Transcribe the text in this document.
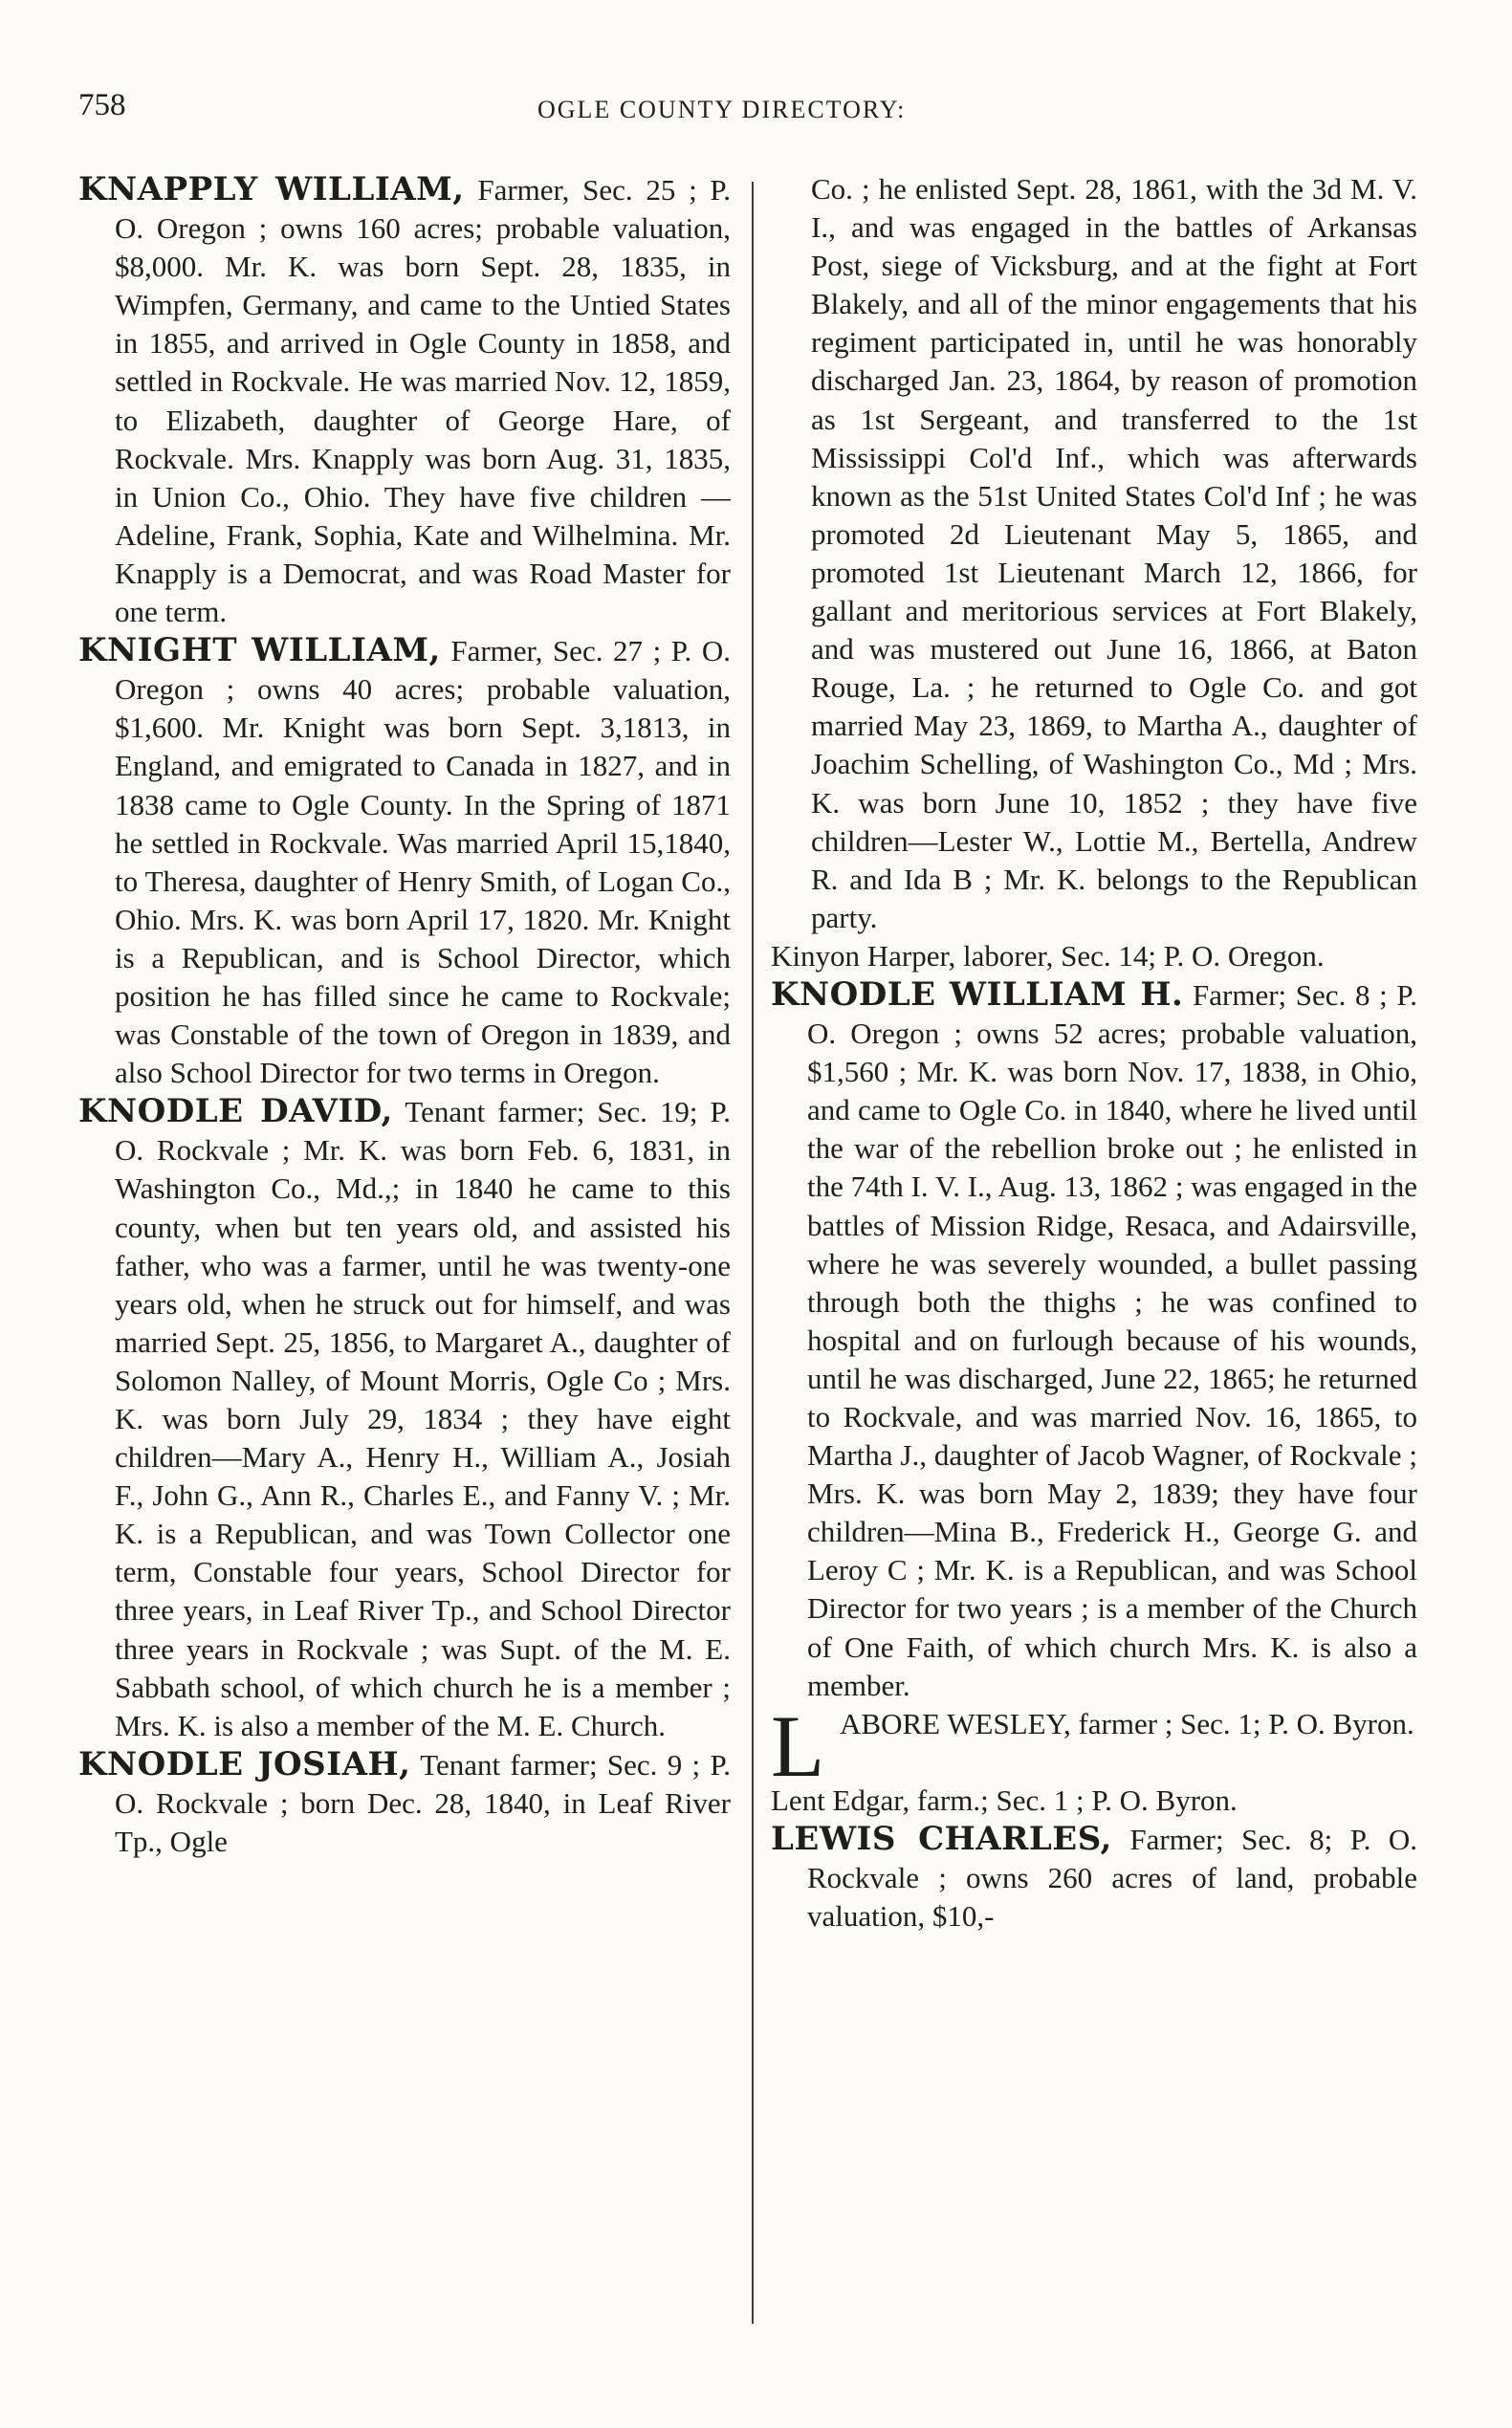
758	OGLE COUNTY DIRECTORY:

KNAPPLY WILLIAM, Farmer, Sec. 25 ; P. O. Oregon ; owns 160 acres; probable valuation, $8,000. Mr. K. was born Sept. 28, 1835, in Wimpfen, Germany, and came to the Untied States in 1855, and arrived in Ogle County in 1858, and settled in Rockvale. He was married Nov. 12, 1859, to Elizabeth, daughter of George Hare, of Rockvale. Mrs. Knapply was born Aug. 31, 1835, in Union Co., Ohio. They have five children — Adeline, Frank, Sophia, Kate and Wilhelmina. Mr. Knapply is a Democrat, and was Road Master for one term.

KNIGHT WILLIAM, Farmer, Sec. 27 ; P. O. Oregon ; owns 40 acres; probable valuation, $1,600. Mr. Knight was born Sept. 3,1813, in England, and emigrated to Canada in 1827, and in 1838 came to Ogle County. In the Spring of 1871 he settled in Rockvale. Was married April 15,1840, to Theresa, daughter of Henry Smith, of Logan Co., Ohio. Mrs. K. was born April 17, 1820. Mr. Knight is a Republican, and is School Director, which position he has filled since he came to Rockvale; was Constable of the town of Oregon in 1839, and also School Director for two terms in Oregon.

KNODLE DAVID, Tenant farmer; Sec. 19; P. O. Rockvale ; Mr. K. was born Feb. 6, 1831, in Washington Co., Md.,; in 1840 he came to this county, when but ten years old, and assisted his father, who was a farmer, until he was twenty-one years old, when he struck out for himself, and was married Sept. 25, 1856, to Margaret A., daughter of Solomon Nalley, of Mount Morris, Ogle Co ; Mrs. K. was born July 29, 1834 ; they have eight children—Mary A., Henry H., William A., Josiah F., John G., Ann R., Charles E., and Fanny V. ; Mr. K. is a Republican, and was Town Collector one term, Constable four years, School Director for three years, in Leaf River Tp., and School Director three years in Rockvale ; was Supt. of the M. E. Sabbath school, of which church he is a member ; Mrs. K. is also a member of the M. E. Church.

KNODLE JOSIAH, Tenant farmer; Sec. 9 ; P. O. Rockvale ; born Dec. 28, 1840, in Leaf River Tp., Ogle

Co. ; he enlisted Sept. 28, 1861, with the 3d M. V. I., and was engaged in the battles of Arkansas Post, siege of Vicksburg, and at the fight at Fort Blakely, and all of the minor engagements that his regiment participated in, until he was honorably discharged Jan. 23, 1864, by reason of promotion as 1st Sergeant, and transferred to the 1st Mississippi Col'd Inf., which was afterwards known as the 51st United States Col'd Inf ; he was promoted 2d Lieutenant May 5, 1865, and promoted 1st Lieutenant March 12, 1866, for gallant and meritorious services at Fort Blakely, and was mustered out June 16, 1866, at Baton Rouge, La. ; he returned to Ogle Co. and got married May 23, 1869, to Martha A., daughter of Joachim Schelling, of Washington Co., Md ; Mrs. K. was born June 10, 1852 ; they have five children—Lester W., Lottie M., Bertella, Andrew R. and Ida B ; Mr. K. belongs to the Republican party.

Kinyon Harper, laborer, Sec. 14; P. O. Oregon.

KNODLE WILLIAM H. Farmer; Sec. 8 ; P. O. Oregon ; owns 52 acres; probable valuation, $1,560 ; Mr. K. was born Nov. 17, 1838, in Ohio, and came to Ogle Co. in 1840, where he lived until the war of the rebellion broke out ; he enlisted in the 74th I. V. I., Aug. 13, 1862 ; was engaged in the battles of Mission Ridge, Resaca, and Adairsville, where he was severely wounded, a bullet passing through both the thighs ; he was confined to hospital and on furlough because of his wounds, until he was discharged, June 22, 1865; he returned to Rockvale, and was married Nov. 16, 1865, to Martha J., daughter of Jacob Wagner, of Rockvale ; Mrs. K. was born May 2, 1839; they have four children—Mina B., Frederick H., George G. and Leroy C ; Mr. K. is a Republican, and was School Director for two years ; is a member of the Church of One Faith, of which church Mrs. K. is also a member.

L ABORE WESLEY, farmer ; Sec. 1; P. O. Byron.

Lent Edgar, farm.; Sec. 1 ; P. O. Byron.

LEWIS CHARLES, Farmer; Sec. 8; P. O. Rockvale ; owns 260 acres of land, probable valuation, $10,-
